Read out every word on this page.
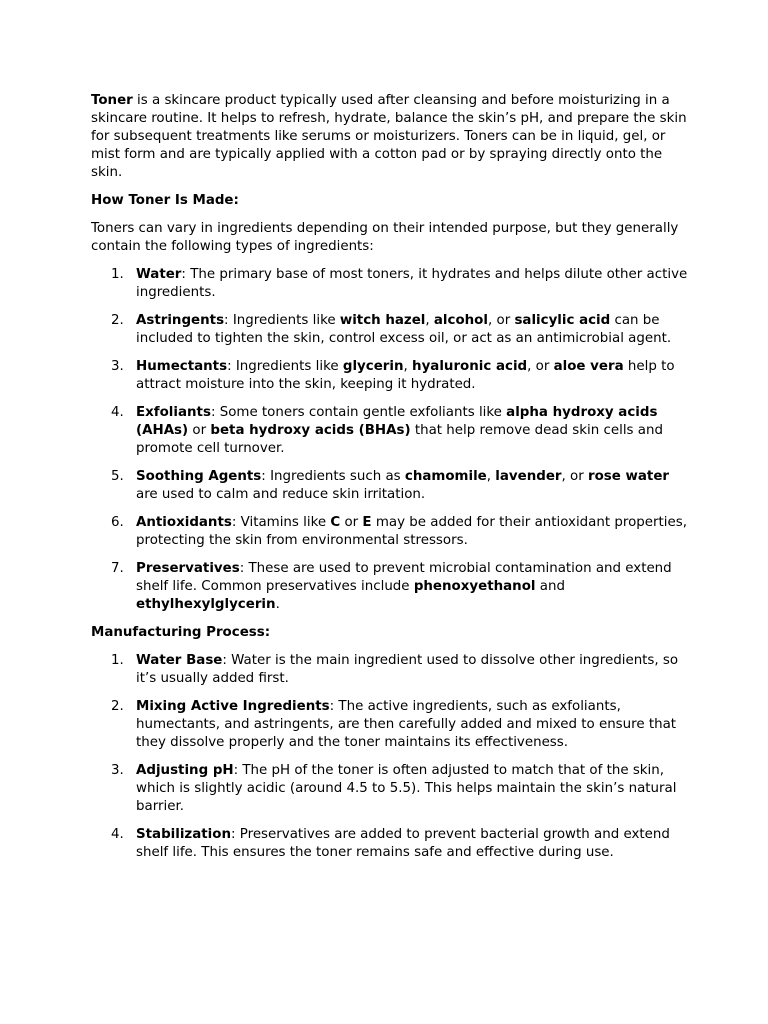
Toner is a skincare product typically used after cleansing and before moisturizing in a skincare routine. It helps to refresh, hydrate, balance the skin’s pH, and prepare the skin for subsequent treatments like serums or moisturizers. Toners can be in liquid, gel, or mist form and are typically applied with a cotton pad or by spraying directly onto the skin.

How Toner Is Made:

Toners can vary in ingredients depending on their intended purpose, but they generally contain the following types of ingredients:

1. Water: The primary base of most toners, it hydrates and helps dilute other active ingredients.
2. Astringents: Ingredients like witch hazel, alcohol, or salicylic acid can be included to tighten the skin, control excess oil, or act as an antimicrobial agent.
3. Humectants: Ingredients like glycerin, hyaluronic acid, or aloe vera help to attract moisture into the skin, keeping it hydrated.
4. Exfoliants: Some toners contain gentle exfoliants like alpha hydroxy acids (AHAs) or beta hydroxy acids (BHAs) that help remove dead skin cells and promote cell turnover.
5. Soothing Agents: Ingredients such as chamomile, lavender, or rose water are used to calm and reduce skin irritation.
6. Antioxidants: Vitamins like C or E may be added for their antioxidant properties, protecting the skin from environmental stressors.
7. Preservatives: These are used to prevent microbial contamination and extend shelf life. Common preservatives include phenoxyethanol and ethylhexylglycerin.

Manufacturing Process:

1. Water Base: Water is the main ingredient used to dissolve other ingredients, so it’s usually added first.
2. Mixing Active Ingredients: The active ingredients, such as exfoliants, humectants, and astringents, are then carefully added and mixed to ensure that they dissolve properly and the toner maintains its effectiveness.
3. Adjusting pH: The pH of the toner is often adjusted to match that of the skin, which is slightly acidic (around 4.5 to 5.5). This helps maintain the skin’s natural barrier.
4. Stabilization: Preservatives are added to prevent bacterial growth and extend shelf life. This ensures the toner remains safe and effective during use.
